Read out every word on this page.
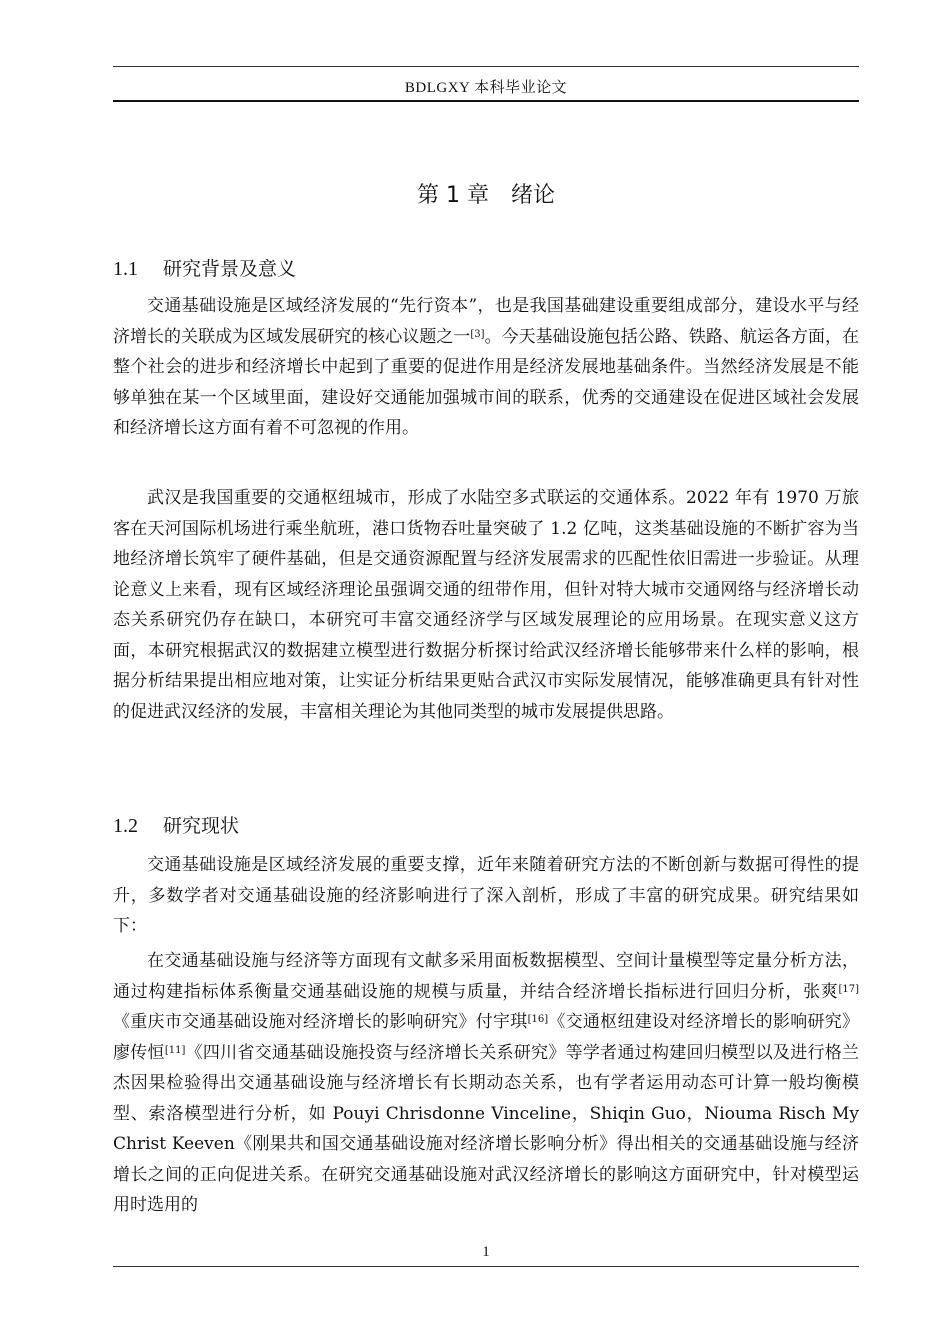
BDLGXY 本科毕业论文
第 1 章　绪论
1.1 研究背景及意义
交通基础设施是区域经济发展的“先行资本”，也是我国基础建设重要组成部分，建设水平与经济增长的关联成为区域发展研究的核心议题之一[3]。今天基础设施包括公路、铁路、航运各方面，在整个社会的进步和经济增长中起到了重要的促进作用是经济发展地基础条件。当然经济发展是不能够单独在某一个区域里面，建设好交通能加强城市间的联系，优秀的交通建设在促进区域社会发展和经济增长这方面有着不可忽视的作用。
武汉是我国重要的交通枢纽城市，形成了水陆空多式联运的交通体系。2022 年有 1970 万旅客在天河国际机场进行乘坐航班，港口货物吞吐量突破了 1.2 亿吨，这类基础设施的不断扩容为当地经济增长筑牢了硬件基础，但是交通资源配置与经济发展需求的匹配性依旧需进一步验证。从理论意义上来看，现有区域经济理论虽强调交通的纽带作用，但针对特大城市交通网络与经济增长动态关系研究仍存在缺口，本研究可丰富交通经济学与区域发展理论的应用场景。在现实意义这方面，本研究根据武汉的数据建立模型进行数据分析探讨给武汉经济增长能够带来什么样的影响，根据分析结果提出相应地对策，让实证分析结果更贴合武汉市实际发展情况，能够准确更具有针对性的促进武汉经济的发展，丰富相关理论为其他同类型的城市发展提供思路。
1.2 研究现状
交通基础设施是区域经济发展的重要支撑，近年来随着研究方法的不断创新与数据可得性的提升，多数学者对交通基础设施的经济影响进行了深入剖析，形成了丰富的研究成果。研究结果如下：
在交通基础设施与经济等方面现有文献多采用面板数据模型、空间计量模型等定量分析方法，通过构建指标体系衡量交通基础设施的规模与质量，并结合经济增长指标进行回归分析，张爽[17]《重庆市交通基础设施对经济增长的影响研究》付宇琪[16]《交通枢纽建设对经济增长的影响研究》廖传恒[11]《四川省交通基础设施投资与经济增长关系研究》等学者通过构建回归模型以及进行格兰杰因果检验得出交通基础设施与经济增长有长期动态关系，也有学者运用动态可计算一般均衡模型、索洛模型进行分析，如 Pouyi Chrisdonne Vinceline，Shiqin Guo，Niouma Risch My Christ Keeven《刚果共和国交通基础设施对经济增长影响分析》得出相关的交通基础设施与经济增长之间的正向促进关系。在研究交通基础设施对武汉经济增长的影响这方面研究中，针对模型运用时选用的
1
